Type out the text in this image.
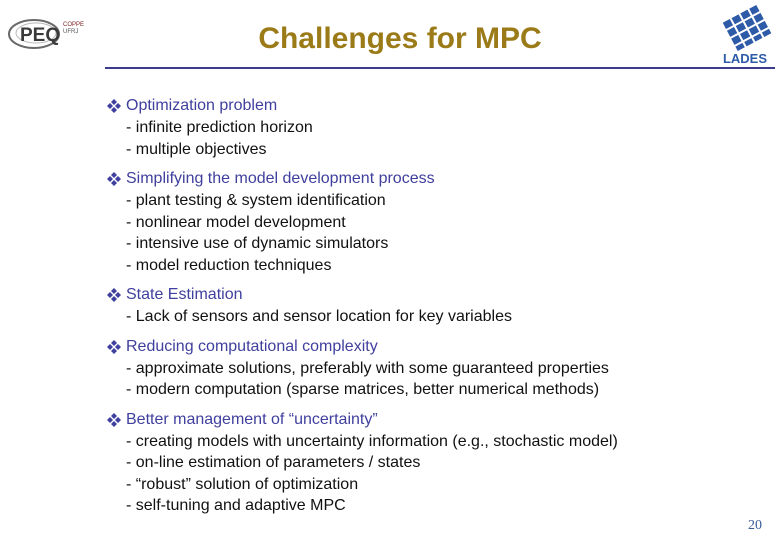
PEQ COPPE
UFRJ
LADES
Challenges for MPC
Optimization problem
- infinite prediction horizon
- multiple objectives
Simplifying the model development process
- plant testing & system identification
- nonlinear model development
- intensive use of dynamic simulators
- model reduction techniques
State Estimation
- Lack of sensors and sensor location for key variables
Reducing computational complexity
- approximate solutions, preferably with some guaranteed properties
- modern computation (sparse matrices, better numerical methods)
Better management of “uncertainty”
- creating models with uncertainty information (e.g., stochastic model)
- on-line estimation of parameters / states
- “robust” solution of optimization
- self-tuning and adaptive MPC
20
